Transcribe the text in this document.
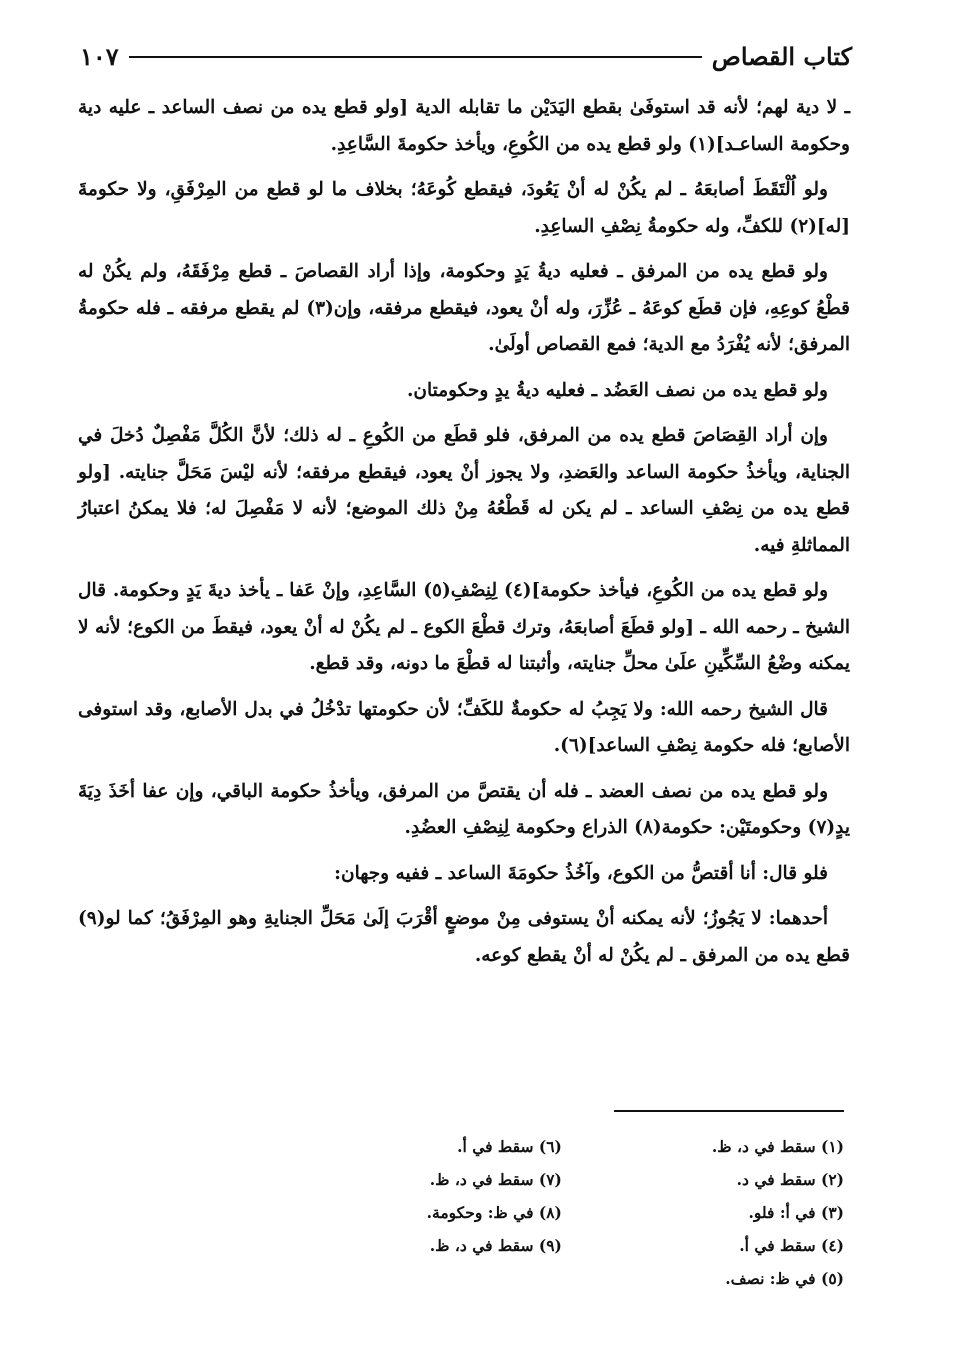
كتاب القصاص
١٠٧

ـ لا دية لهم؛ لأنه قد استوفَىٰ بقطع اليَدَيْن ما تقابله الدية [ولو قطع يده من نصف الساعد ـ عليه دية وحكومة الساعـد](١) ولو قطع يده من الكُوعِ، ويأخذ حكومةَ السَّاعِدِ.

ولو اُلْتَقَطَ أصابعَهُ ـ لم يكُنْ له أنْ يَعُودَ، فيقطع كُوعَهُ؛ بخلاف ما لو قطع من المِرْفَقِ، ولا حكومةَ [له](٢) للكفِّ، وله حكومةُ نِصْفِ الساعِدِ.

ولو قطع يده من المرفق ـ فعليه ديةُ يَدٍ وحكومة، وإذا أراد القصاصَ ـ قطع مِرْفَقَهُ، ولم يكُنْ له قطْعُ كوعِهِ، فإن قطَع كوعَهُ ـ عُزِّرَ، وله أنْ يعود، فيقطع مرفقه، وإن(٣) لم يقطع مرفقه ـ فله حكومةُ المرفق؛ لأنه يُفْرَدُ مع الدية؛ فمع القصاص أولَىٰ.

ولو قطع يده من نصف العَضُد ـ فعليه ديةُ يدٍ وحكومتان.

وإن أراد القِصَاصَ قطع يده من المرفق، فلو قطَع من الكُوعِ ـ له ذلك؛ لأنَّ الكُلَّ مَفْصِلٌ دُخلَ في الجناية، ويأخذُ حكومة الساعد والعَضدِ، ولا يجوز أنْ يعود، فيقطع مرفقه؛ لأنه ليْسَ مَحَلَّ جنايته. [ولو قطع يده من نِصْفِ الساعد ـ لم يكن له قَطْعُهُ مِنْ ذلك الموضع؛ لأنه لا مَفْصِلَ له؛ فلا يمكنُ اعتبارُ المماثلةِ فيه.

ولو قطع يده من الكُوعِ، فيأخذ حكومة](٤) لِنِصْفِ(٥) السَّاعِدِ، وإنْ عَفا ـ يأخذ ديةَ يَدٍ وحكومة. قال الشيخ ـ رحمه الله ـ [ولو قطَعَ أصابعَهُ، وترك قطْعَ الكوع ـ لم يكُنْ له أنْ يعود، فيقطَ من الكوع؛ لأنه لا يمكنه وضْعُ السِّكِّينِ علَىٰ محلِّ جنايته، وأثبتنا له قطْعَ ما دونه، وقد قطع.

قال الشيخ رحمه الله: ولا يَجِبُ له حكومةٌ للكَفِّ؛ لأن حكومتها تدْخُلُ في بدل الأصابع، وقد استوفى الأصابع؛ فله حكومة نِصْفِ الساعد](٦).

ولو قطع يده من نصف العضد ـ فله أن يقتصَّ من المرفق، ويأخذُ حكومة الباقي، وإن عفا أخَذَ دِيَةَ يدٍ(٧) وحكومتَيْن: حكومة(٨) الذراع وحكومة لِنِصْفِ العضُدِ.

فلو قال: أنا أقتصُّ من الكوع، وآخُذُ حكومَةَ الساعد ـ ففيه وجهان:

أحدهما: لا يَجُوزُ؛ لأنه يمكنه أنْ يستوفى مِنْ موضعٍ أقْرَبَ إلَىٰ مَحَلِّ الجنايةِ وهو المِرْفَقُ؛ كما لو(٩) قطع يده من المرفق ـ لم يكُنْ له أنْ يقطع كوعه.

(١) سقط في د، ظ.
(٢) سقط في د.
(٣) في أ: فلو.
(٤) سقط في أ.
(٥) في ظ: نصف.
(٦) سقط في أ.
(٧) سقط في د، ظ.
(٨) في ظ: وحكومة.
(٩) سقط في د، ظ.
